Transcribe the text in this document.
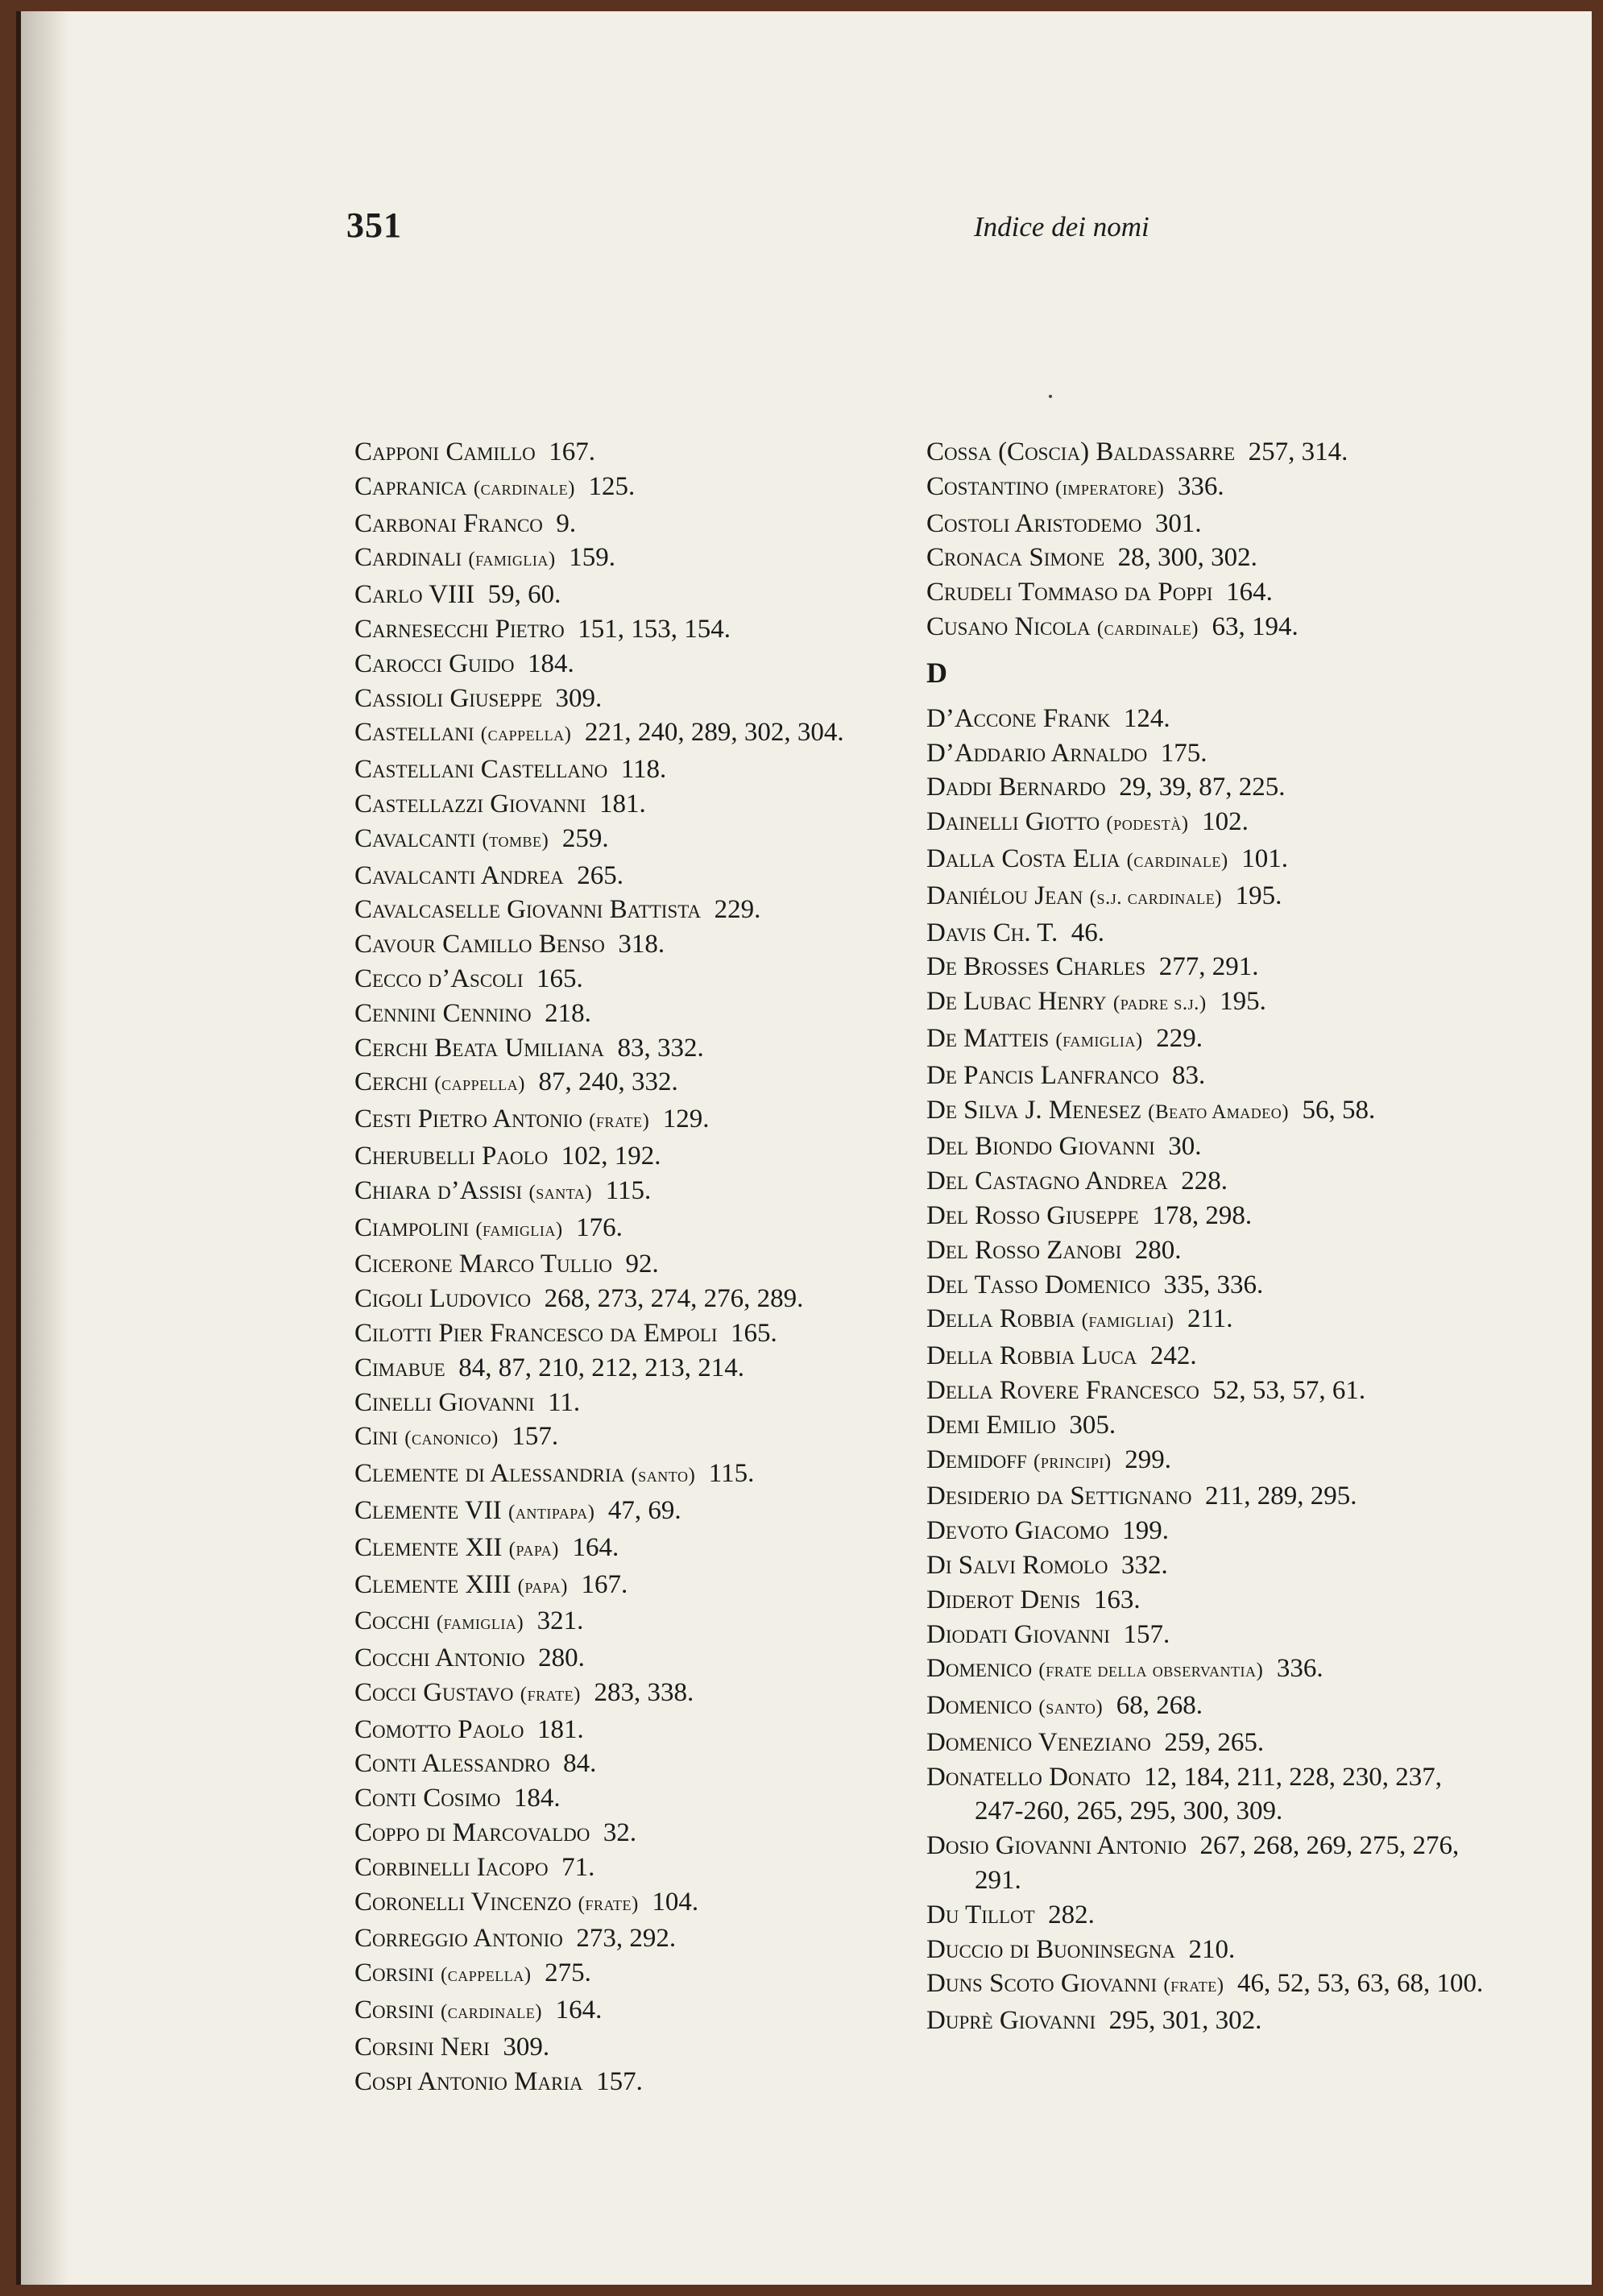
351	Indice dei nomi
Capponi Camillo  167.
Capranica (cardinale)  125.
Carbonai Franco  9.
Cardinali (famiglia)  159.
Carlo VIII  59, 60.
Carnesecchi Pietro  151, 153, 154.
Carocci Guido  184.
Cassioli Giuseppe  309.
Castellani (cappella)  221, 240, 289, 302, 304.
Castellani Castellano  118.
Castellazzi Giovanni  181.
Cavalcanti (tombe)  259.
Cavalcanti Andrea  265.
Cavalcaselle Giovanni Battista  229.
Cavour Camillo Benso  318.
Cecco d’Ascoli  165.
Cennini Cennino  218.
Cerchi Beata Umiliana  83, 332.
Cerchi (cappella)  87, 240, 332.
Cesti Pietro Antonio (frate)  129.
Cherubelli Paolo  102, 192.
Chiara d’Assisi (santa)  115.
Ciampolini (famiglia)  176.
Cicerone Marco Tullio  92.
Cigoli Ludovico  268, 273, 274, 276, 289.
Cilotti Pier Francesco da Empoli  165.
Cimabue  84, 87, 210, 212, 213, 214.
Cinelli Giovanni  11.
Cini (canonico)  157.
Clemente di Alessandria (santo)  115.
Clemente VII (antipapa)  47, 69.
Clemente XII (papa)  164.
Clemente XIII (papa)  167.
Cocchi (famiglia)  321.
Cocchi Antonio  280.
Cocci Gustavo (frate)  283, 338.
Comotto Paolo  181.
Conti Alessandro  84.
Conti Cosimo  184.
Coppo di Marcovaldo  32.
Corbinelli Iacopo  71.
Coronelli Vincenzo (frate)  104.
Correggio Antonio  273, 292.
Corsini (cappella)  275.
Corsini (cardinale)  164.
Corsini Neri  309.
Cospi Antonio Maria  157.
Cossa (Coscia) Baldassarre  257, 314.
Costantino (imperatore)  336.
Costoli Aristodemo  301.
Cronaca Simone  28, 300, 302.
Crudeli Tommaso da Poppi  164.
Cusano Nicola (cardinale)  63, 194.
D
D’Accone Frank  124.
D’Addario Arnaldo  175.
Daddi Bernardo  29, 39, 87, 225.
Dainelli Giotto (podestà)  102.
Dalla Costa Elia (cardinale)  101.
Daniélou Jean (s.j. cardinale)  195.
Davis Ch. T.  46.
De Brosses Charles  277, 291.
De Lubac Henry (padre s.j.)  195.
De Matteis (famiglia)  229.
De Pancis Lanfranco  83.
De Silva J. Menesez (Beato Amadeo)  56, 58.
Del Biondo Giovanni  30.
Del Castagno Andrea  228.
Del Rosso Giuseppe  178, 298.
Del Rosso Zanobi  280.
Del Tasso Domenico  335, 336.
Della Robbia (famigliai)  211.
Della Robbia Luca  242.
Della Rovere Francesco  52, 53, 57, 61.
Demi Emilio  305.
Demidoff (principi)  299.
Desiderio da Settignano  211, 289, 295.
Devoto Giacomo  199.
Di Salvi Romolo  332.
Diderot Denis  163.
Diodati Giovanni  157.
Domenico (frate della observantia)  336.
Domenico (santo)  68, 268.
Domenico Veneziano  259, 265.
Donatello Donato  12, 184, 211, 228, 230, 237, 247-260, 265, 295, 300, 309.
Dosio Giovanni Antonio  267, 268, 269, 275, 276, 291.
Du Tillot  282.
Duccio di Buoninsegna  210.
Duns Scoto Giovanni (frate)  46, 52, 53, 63, 68, 100.
Duprè Giovanni  295, 301, 302.
